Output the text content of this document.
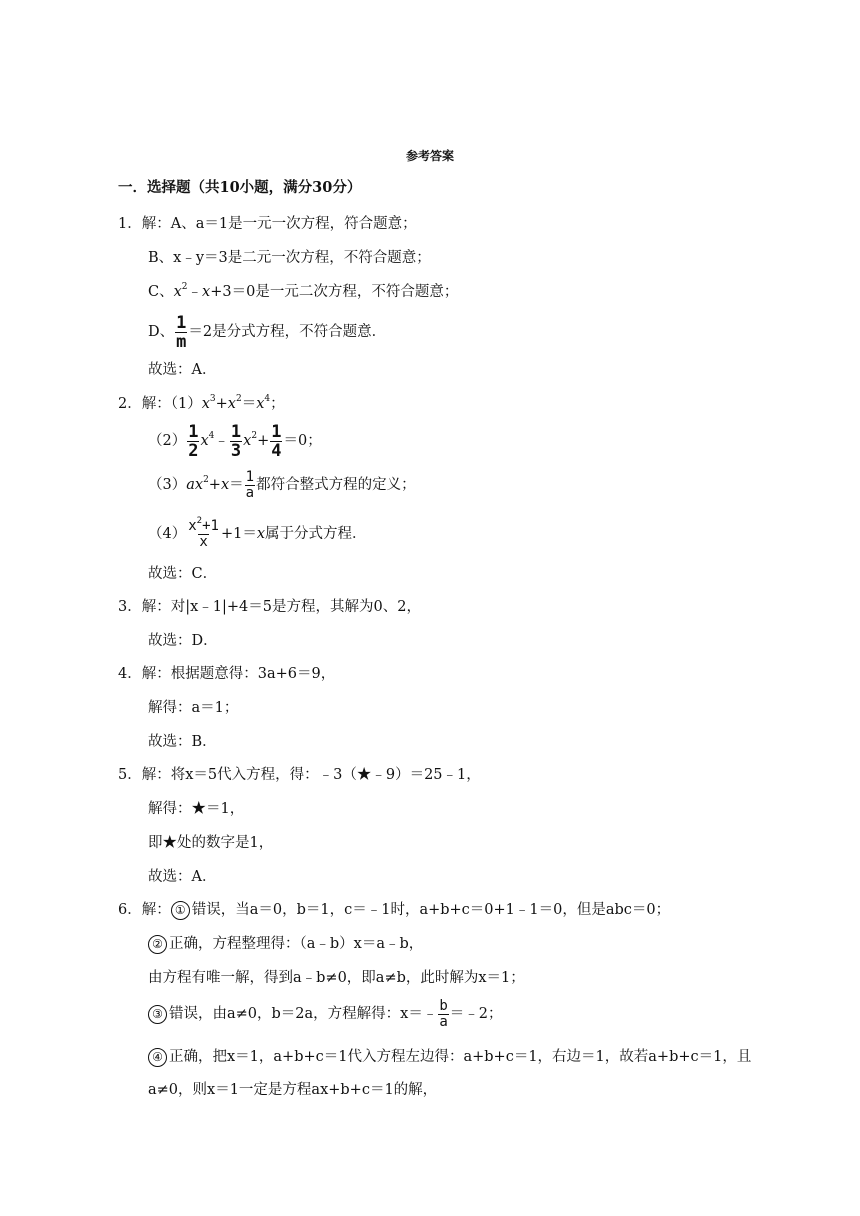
参考答案
一．选择题（共10小题，满分30分）
1．解：A、a＝1是一元一次方程，符合题意；
B、x﹣y＝3是二元一次方程，不符合题意；
C、$x^2﹣x+3=0$是一元二次方程，不符合题意；
D、 $\frac{1}{m} =2$是分式方程，不符合题意．
故选：A．
2．解：$(1)x^3+x^2=x^4$；
$(2) \frac{1}{2}$ $x^4﹣ \frac{1}{3} x^2+ \frac{1}{4} =0$；
$(3)ax^2+x= \frac{1}{a}$ 都符合整式方程的定义；
$(4) \frac{x^2+1}{x} +1=x$属于分式方程．
故选：C．
3．解：对|x﹣1|+4＝5是方程，其解为0、2，
故选：D．
4．解：根据题意得：3a+6＝9，
解得：a＝1；
故选：B．
5．解：将x＝5代入方程，得：﹣3（★﹣9）＝25﹣1，
解得：★＝1，
即★处的数字是1，
故选：A．
6．解： ① 错误，当a＝0，b＝1，c＝﹣1时，a+b+c＝0+1﹣1＝0，但是abc＝0；
② 正确，方程整理得：（a﹣b）x＝a﹣b，
由方程有唯一解，得到a﹣b≠0，即a≠b，此时解为x＝1；
③ 错误，由a≠0，b＝2a，方程解得：x＝﹣ $\frac{b}{a}$ ＝﹣2；
④ 正确，把x＝1，a+b+c＝1代入方程左边得：a+b+c＝1，右边＝1，故若a+b+c＝1，且
a≠0，则x＝1一定是方程ax+b+c＝1的解，
